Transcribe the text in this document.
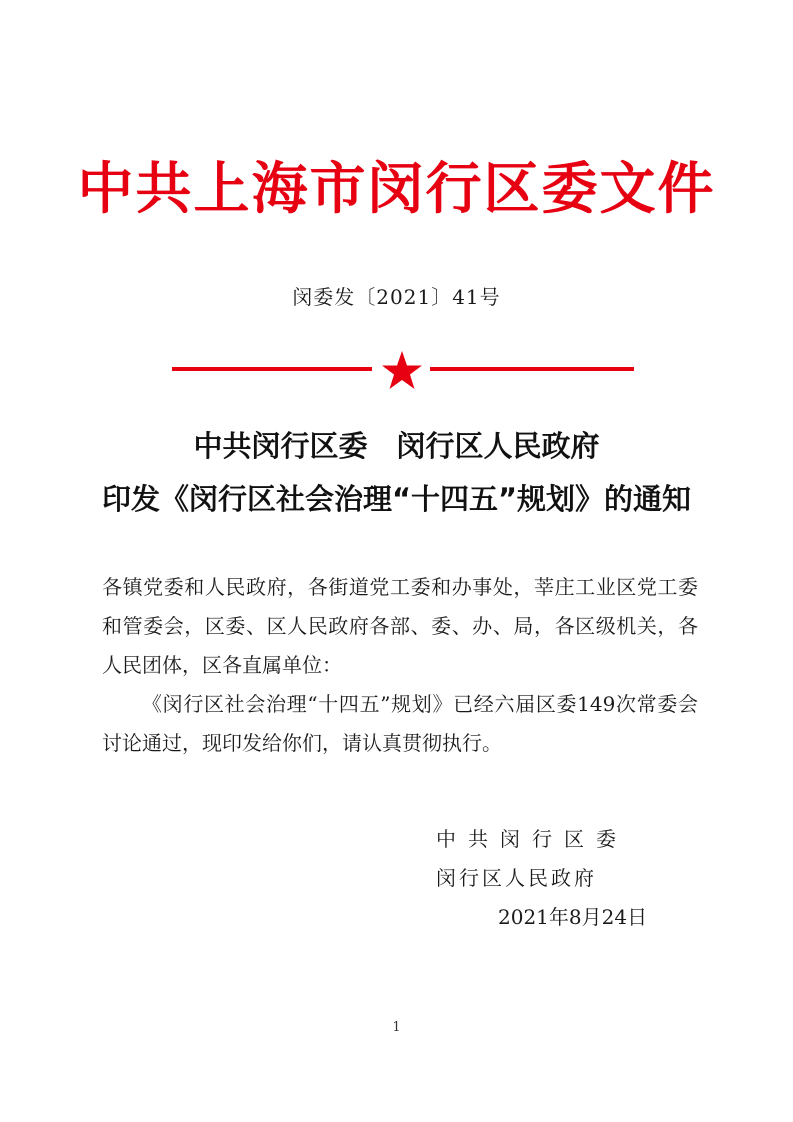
中共上海市闵行区委文件
闵委发〔2021〕41号
中共闵行区委　闵行区人民政府
印发《闵行区社会治理“十四五”规划》的通知

各镇党委和人民政府，各街道党工委和办事处，莘庄工业区党工委和管委会，区委、区人民政府各部、委、办、局，各区级机关，各人民团体，区各直属单位：

《闵行区社会治理“十四五”规划》已经六届区委149次常委会讨论通过，现印发给你们，请认真贯彻执行。

中共闵行区委
闵行区人民政府
2021年8月24日
1
